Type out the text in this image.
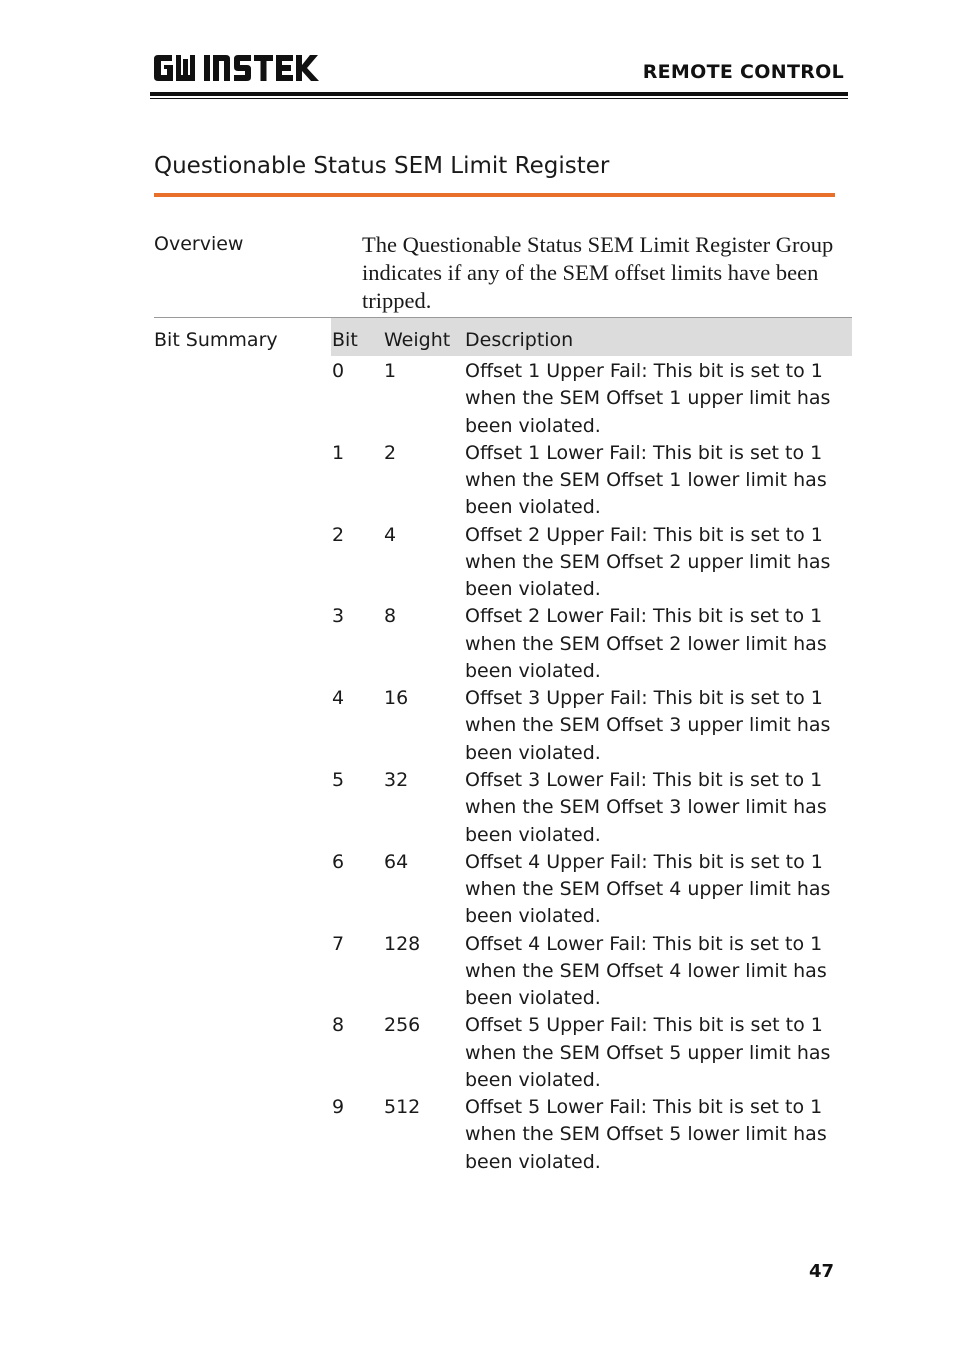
REMOTE CONTROL
Questionable Status SEM Limit Register
Overview	The Questionable Status SEM Limit Register Group indicates if any of the SEM offset limits have been tripped.
Bit Summary	Bit Weight Description
0 1	Offset 1 Upper Fail: This bit is set to 1 when the SEM Offset 1 upper limit has been violated.
1 2	Offset 1 Lower Fail: This bit is set to 1 when the SEM Offset 1 lower limit has been violated.
2 4	Offset 2 Upper Fail: This bit is set to 1 when the SEM Offset 2 upper limit has been violated.
3 8	Offset 2 Lower Fail: This bit is set to 1 when the SEM Offset 2 lower limit has been violated.
4 16	Offset 3 Upper Fail: This bit is set to 1 when the SEM Offset 3 upper limit has been violated.
5 32	Offset 3 Lower Fail: This bit is set to 1 when the SEM Offset 3 lower limit has been violated.
6 64	Offset 4 Upper Fail: This bit is set to 1 when the SEM Offset 4 upper limit has been violated.
7 128 Offset 4 Lower Fail: This bit is set to 1 when the SEM Offset 4 lower limit has been violated.
8 256 Offset 5 Upper Fail: This bit is set to 1 when the SEM Offset 5 upper limit has been violated.
9 512 Offset 5 Lower Fail: This bit is set to 1 when the SEM Offset 5 lower limit has been violated.
47
